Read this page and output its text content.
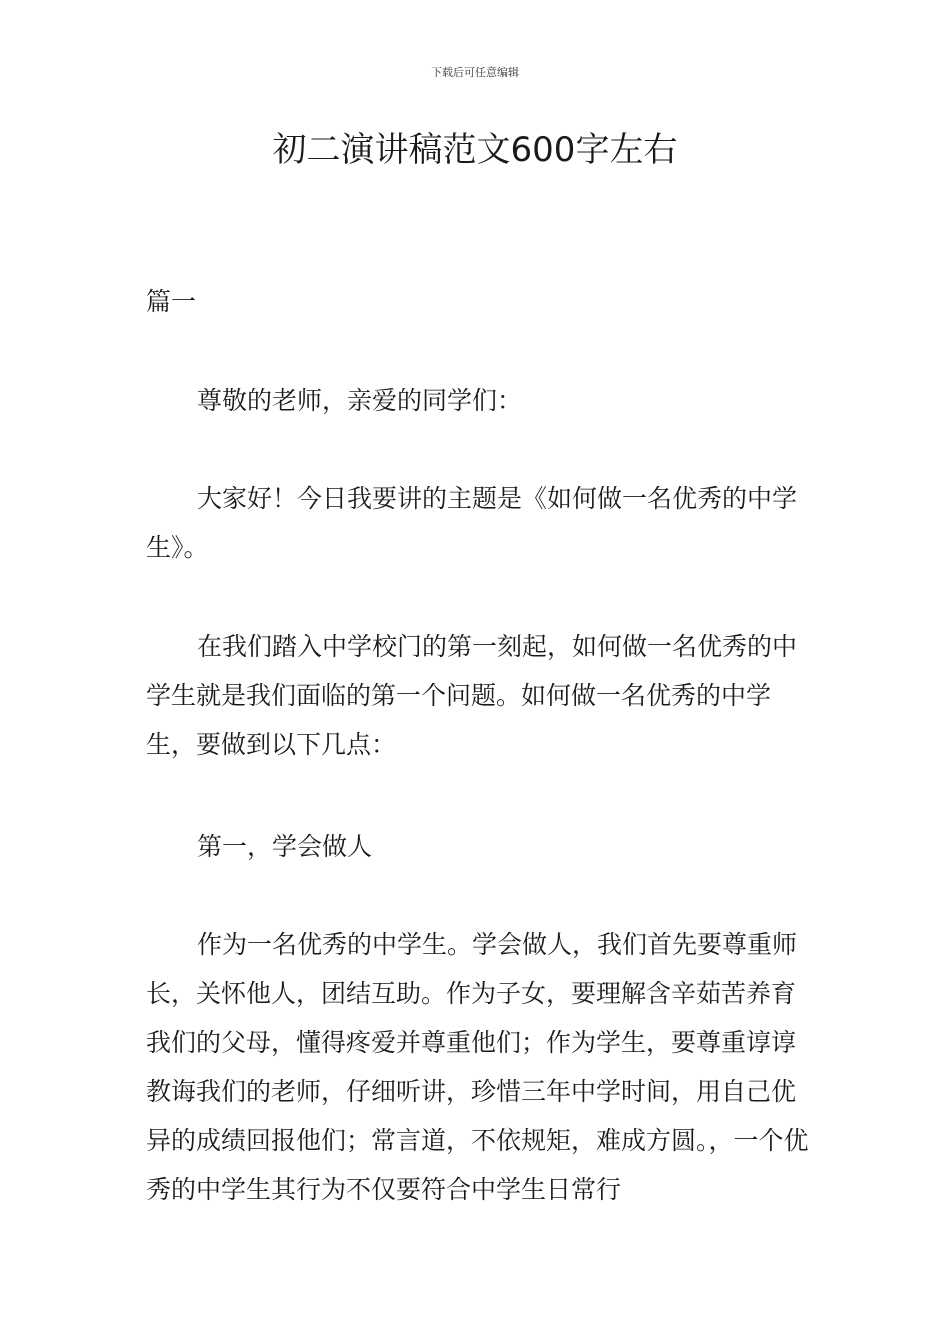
下载后可任意编辑
初二演讲稿范文600字左右

篇一

尊敬的老师，亲爱的同学们：

大家好！今日我要讲的主题是《如何做一名优秀的中学生》。

在我们踏入中学校门的第一刻起，如何做一名优秀的中学生就是我们面临的第一个问题。如何做一名优秀的中学生，要做到以下几点：

第一，学会做人

作为一名优秀的中学生。学会做人，我们首先要尊重师长，关怀他人，团结互助。作为子女，要理解含辛茹苦养育我们的父母，懂得疼爱并尊重他们；作为学生，要尊重谆谆教诲我们的老师，仔细听讲，珍惜三年中学时间，用自己优异的成绩回报他们；常言道，不依规矩，难成方圆。，一个优秀的中学生其行为不仅要符合中学生日常行
